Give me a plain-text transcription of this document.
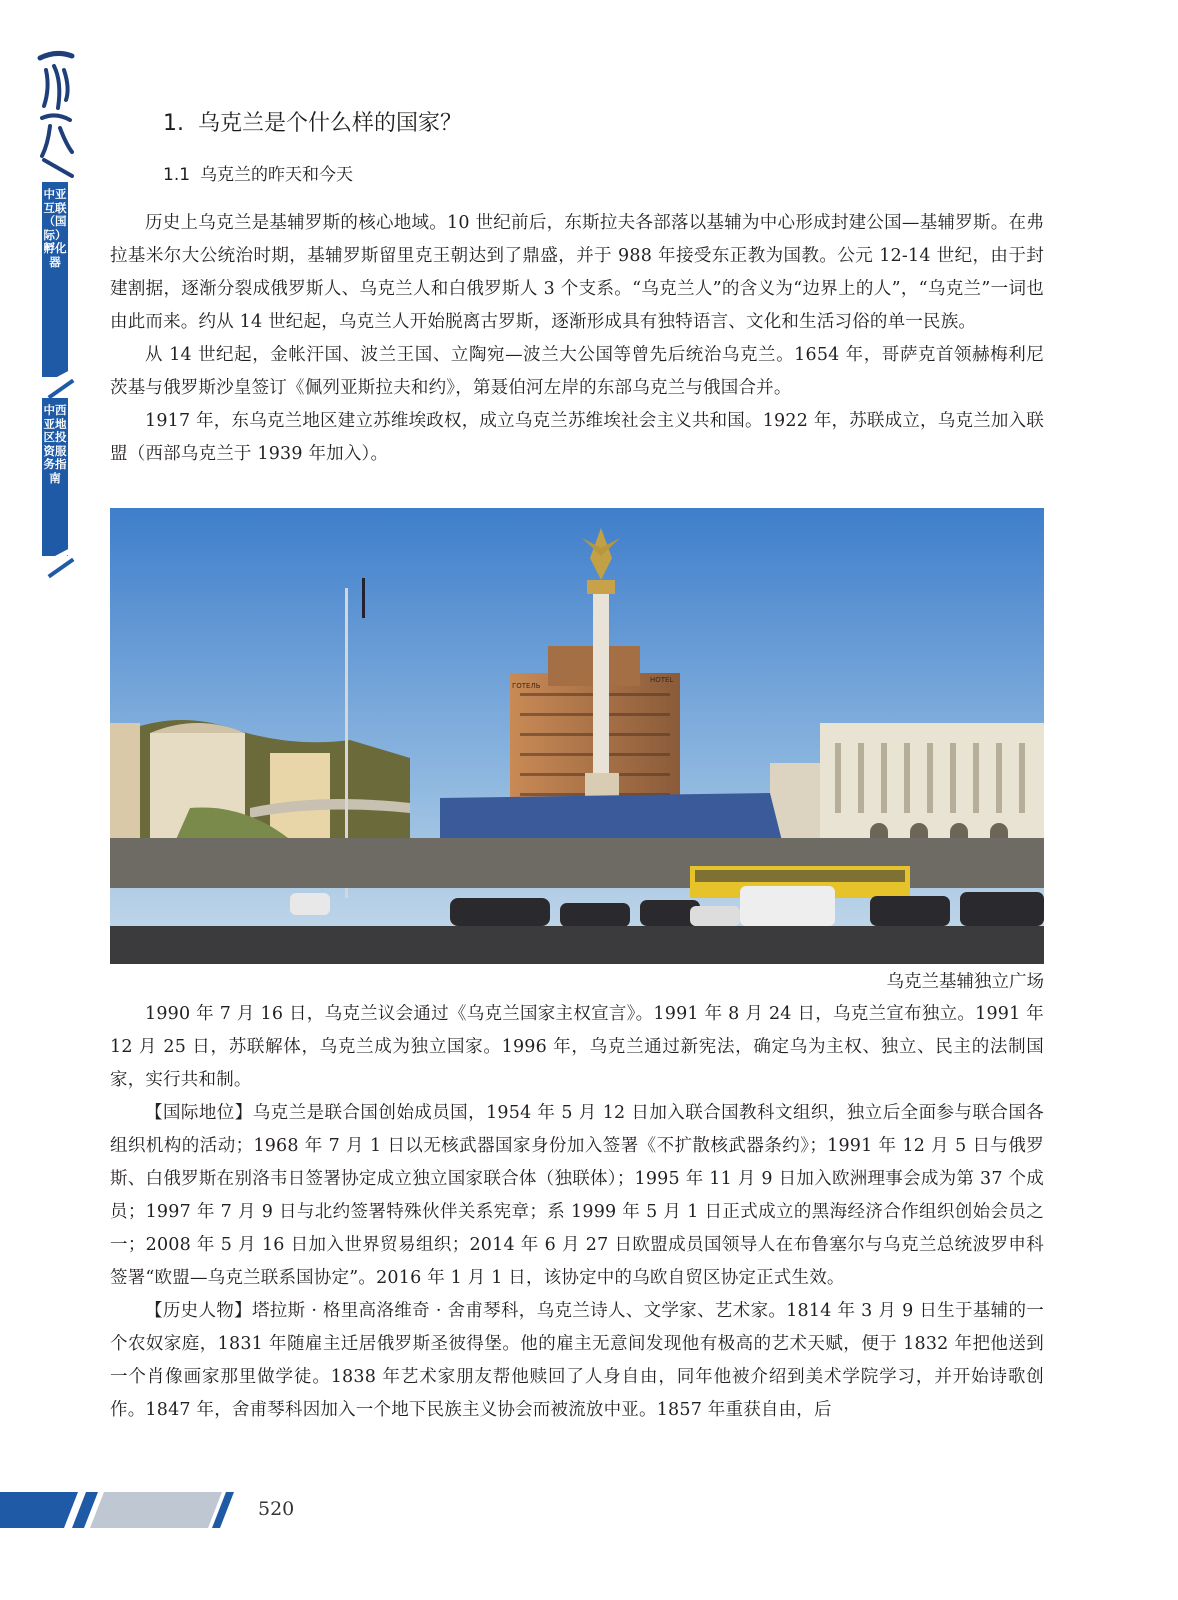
中亚互联（国际）孵化器
中西亚地区投资服务指南
1. 乌克兰是个什么样的国家？
1.1 乌克兰的昨天和今天

历史上乌克兰是基辅罗斯的核心地域。10 世纪前后，东斯拉夫各部落以基辅为中心形成封建公国—基辅罗斯。在弗拉基米尔大公统治时期，基辅罗斯留里克王朝达到了鼎盛，并于 988 年接受东正教为国教。公元 12-14 世纪，由于封建割据，逐渐分裂成俄罗斯人、乌克兰人和白俄罗斯人 3 个支系。“乌克兰人”的含义为“边界上的人”，“乌克兰”一词也由此而来。约从 14 世纪起，乌克兰人开始脱离古罗斯，逐渐形成具有独特语言、文化和生活习俗的单一民族。

从 14 世纪起，金帐汗国、波兰王国、立陶宛—波兰大公国等曾先后统治乌克兰。1654 年，哥萨克首领赫梅利尼茨基与俄罗斯沙皇签订《佩列亚斯拉夫和约》，第聂伯河左岸的东部乌克兰与俄国合并。

1917 年，东乌克兰地区建立苏维埃政权，成立乌克兰苏维埃社会主义共和国。1922 年，苏联成立，乌克兰加入联盟（西部乌克兰于 1939 年加入）。

ГОТЕЛЬ
HOTEL
乌克兰基辅独立广场

1990 年 7 月 16 日，乌克兰议会通过《乌克兰国家主权宣言》。1991 年 8 月 24 日，乌克兰宣布独立。1991 年 12 月 25 日，苏联解体，乌克兰成为独立国家。1996 年，乌克兰通过新宪法，确定乌为主权、独立、民主的法制国家，实行共和制。

【国际地位】乌克兰是联合国创始成员国，1954 年 5 月 12 日加入联合国教科文组织，独立后全面参与联合国各组织机构的活动；1968 年 7 月 1 日以无核武器国家身份加入签署《不扩散核武器条约》；1991 年 12 月 5 日与俄罗斯、白俄罗斯在别洛韦日签署协定成立独立国家联合体（独联体）；1995 年 11 月 9 日加入欧洲理事会成为第 37 个成员；1997 年 7 月 9 日与北约签署特殊伙伴关系宪章；系 1999 年 5 月 1 日正式成立的黑海经济合作组织创始会员之一；2008 年 5 月 16 日加入世界贸易组织；2014 年 6 月 27 日欧盟成员国领导人在布鲁塞尔与乌克兰总统波罗申科签署“欧盟—乌克兰联系国协定”。2016 年 1 月 1 日，该协定中的乌欧自贸区协定正式生效。

【历史人物】塔拉斯 · 格里高洛维奇 · 舍甫琴科，乌克兰诗人、文学家、艺术家。1814 年 3 月 9 日生于基辅的一个农奴家庭，1831 年随雇主迁居俄罗斯圣彼得堡。他的雇主无意间发现他有极高的艺术天赋，便于 1832 年把他送到一个肖像画家那里做学徒。1838 年艺术家朋友帮他赎回了人身自由，同年他被介绍到美术学院学习，并开始诗歌创作。1847 年，舍甫琴科因加入一个地下民族主义协会而被流放中亚。1857 年重获自由，后

520
